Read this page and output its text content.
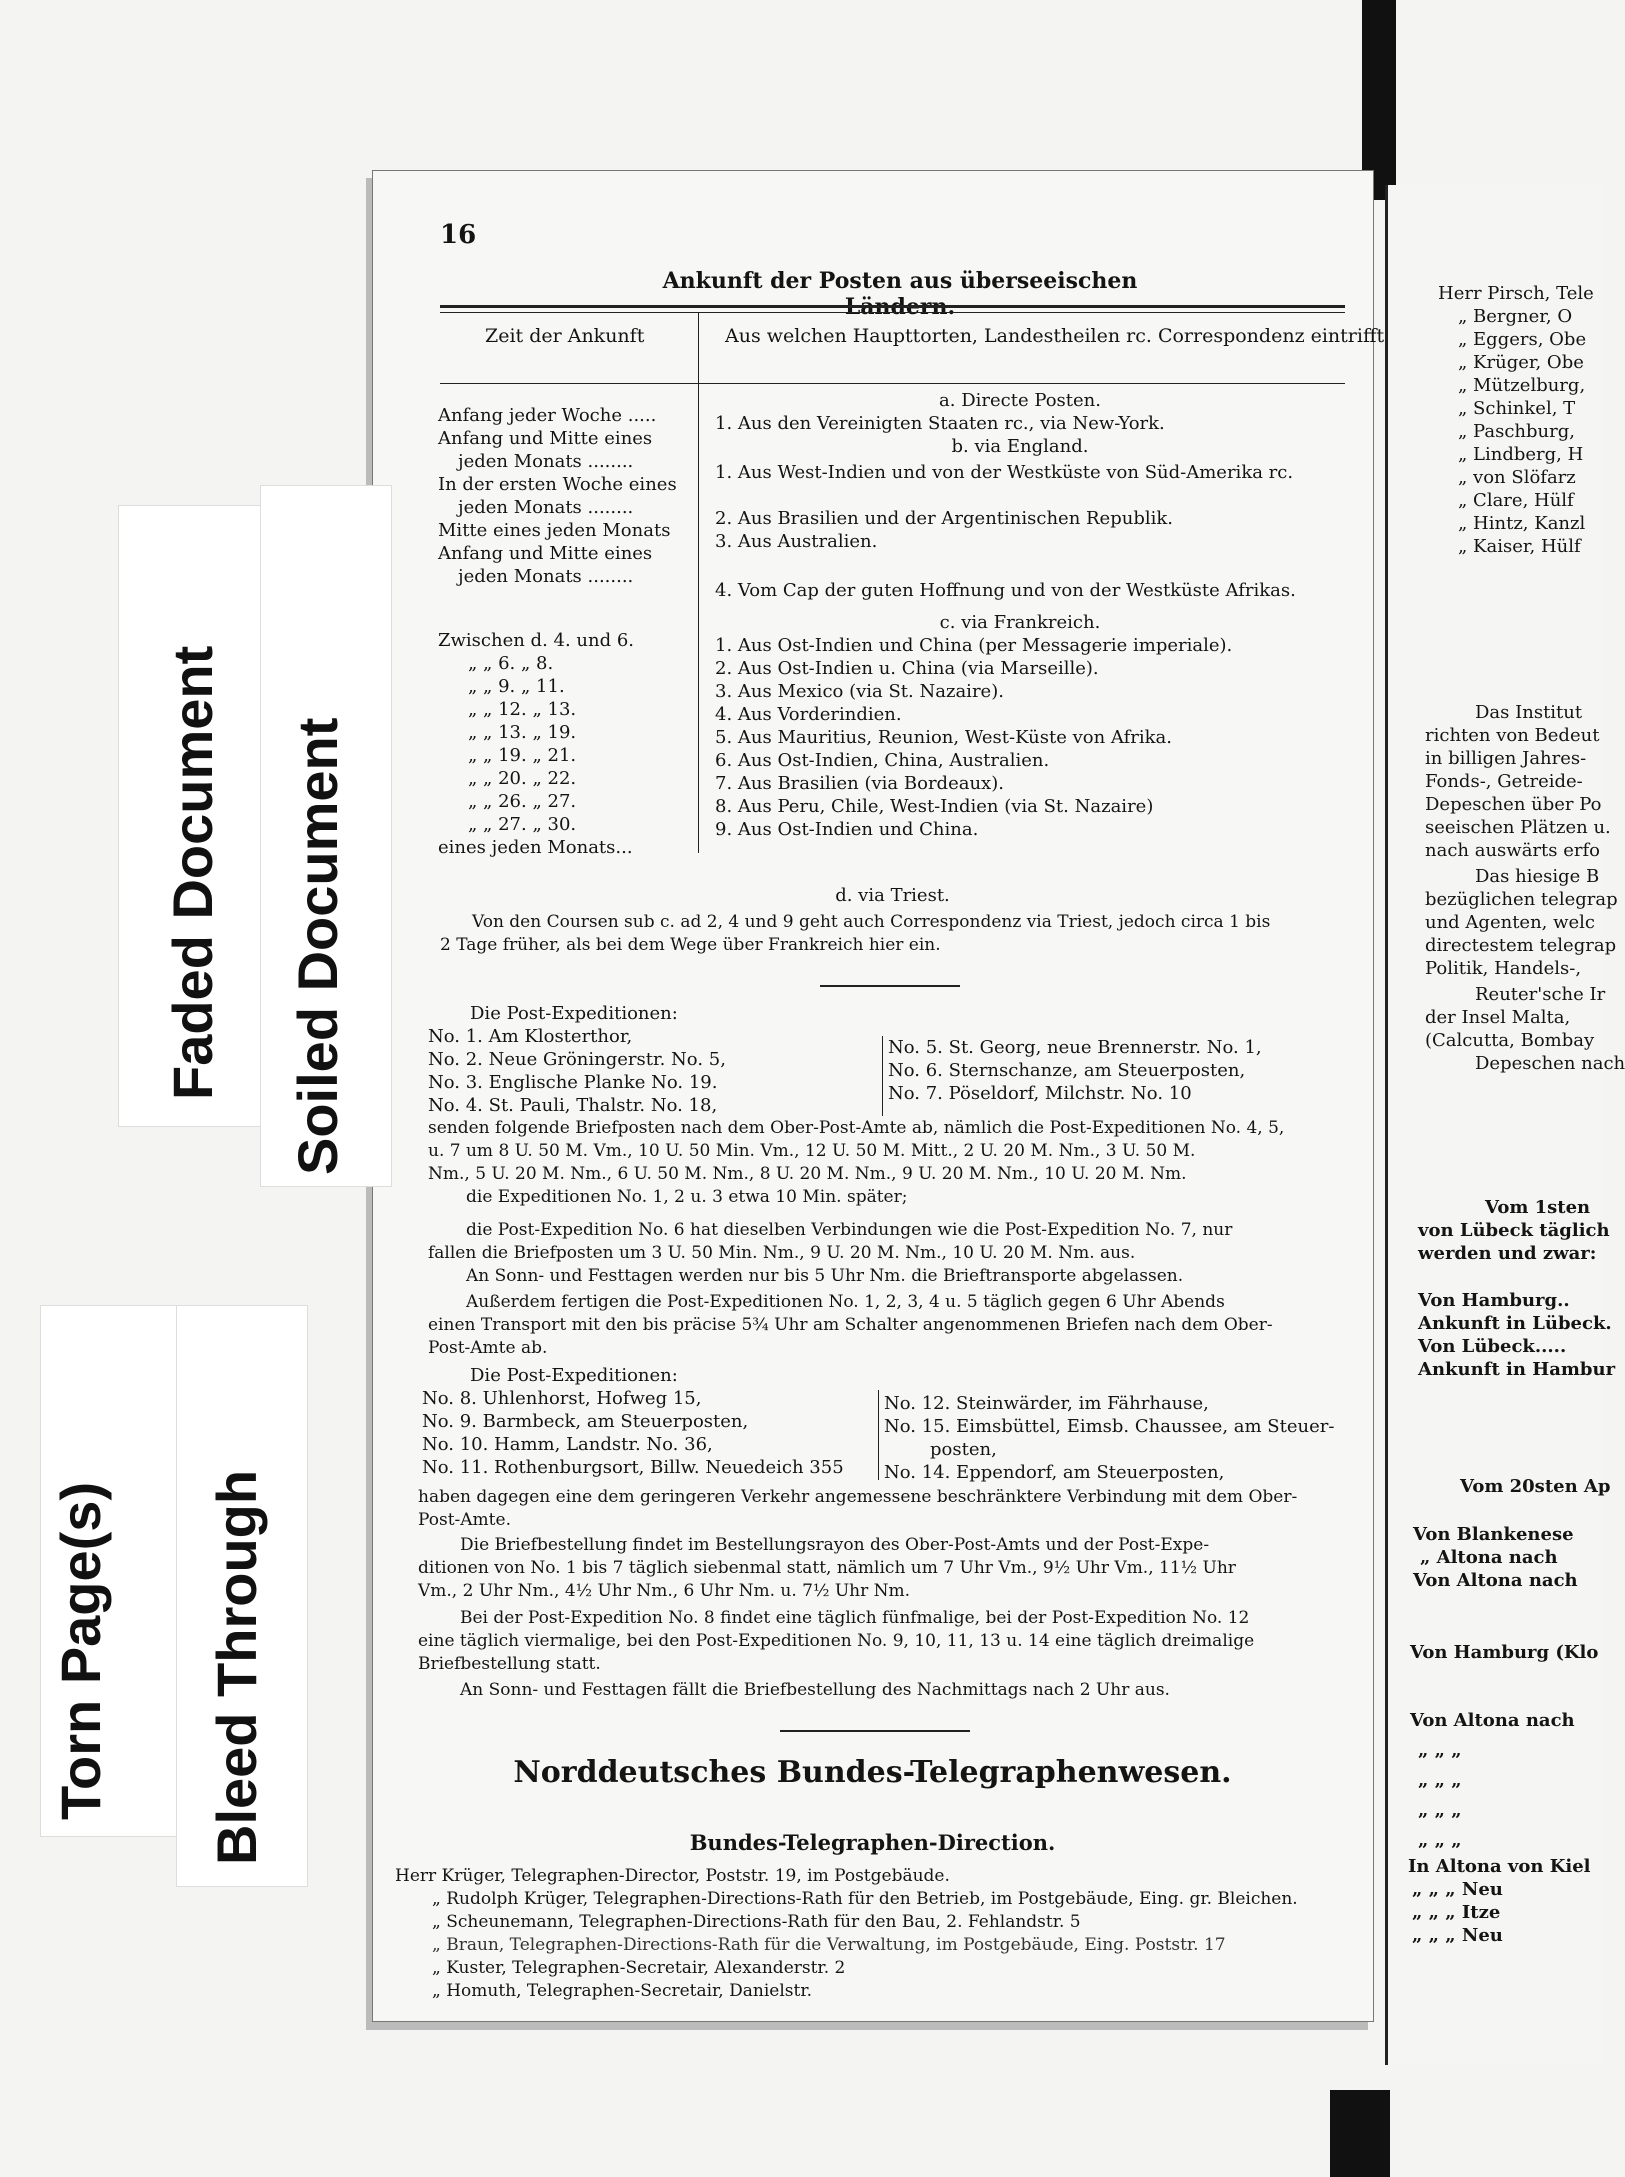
16
Ankunft der Posten aus überseeischen Ländern.
Zeit der Ankunft	Aus welchen Haupttorten, Landestheilen rc. Correspondenz eintrifft
Anfang jeder Woche .....
Anfang und Mitte eines
jeden Monats ........
In der ersten Woche eines
jeden Monats ........
Mitte eines jeden Monats
Anfang und Mitte eines
jeden Monats ........
Zwischen d. 4. und 6.
„ „ 6. „ 8.
„ „ 9. „ 11.
„ „ 12. „ 13.
„ „ 13. „ 19.
„ „ 19. „ 21.
„ „ 20. „ 22.
„ „ 26. „ 27.
„ „ 27. „ 30.
eines jeden Monats...
a. Directe Posten.
1. Aus den Vereinigten Staaten rc., via New-York.
b. via England.
1. Aus West-Indien und von der Westküste von Süd-Amerika rc.
2. Aus Brasilien und der Argentinischen Republik.
3. Aus Australien.
4. Vom Cap der guten Hoffnung und von der Westküste Afrikas.
c. via Frankreich.
1. Aus Ost-Indien und China (per Messagerie imperiale).
2. Aus Ost-Indien u. China (via Marseille).
3. Aus Mexico (via St. Nazaire).
4. Aus Vorderindien.
5. Aus Mauritius, Reunion, West-Küste von Afrika.
6. Aus Ost-Indien, China, Australien.
7. Aus Brasilien (via Bordeaux).
8. Aus Peru, Chile, West-Indien (via St. Nazaire)
9. Aus Ost-Indien und China.
d. via Triest.
Von den Coursen sub c. ad 2, 4 und 9 geht auch Correspondenz via Triest, jedoch circa 1 bis
2 Tage früher, als bei dem Wege über Frankreich hier ein.
Die Post-Expeditionen:
No. 1. Am Klosterthor,
No. 2. Neue Gröningerstr. No. 5,
No. 3. Englische Planke No. 19.
No. 4. St. Pauli, Thalstr. No. 18,
No. 5. St. Georg, neue Brennerstr. No. 1,
No. 6. Sternschanze, am Steuerposten,
No. 7. Pöseldorf, Milchstr. No. 10
senden folgende Briefposten nach dem Ober-Post-Amte ab, nämlich die Post-Expeditionen No. 4, 5,
u. 7 um 8 U. 50 M. Vm., 10 U. 50 Min. Vm., 12 U. 50 M. Mitt., 2 U. 20 M. Nm., 3 U. 50 M.
Nm., 5 U. 20 M. Nm., 6 U. 50 M. Nm., 8 U. 20 M. Nm., 9 U. 20 M. Nm., 10 U. 20 M. Nm.
die Expeditionen No. 1, 2 u. 3 etwa 10 Min. später;
die Post-Expedition No. 6 hat dieselben Verbindungen wie die Post-Expedition No. 7, nur
fallen die Briefposten um 3 U. 50 Min. Nm., 9 U. 20 M. Nm., 10 U. 20 M. Nm. aus.
An Sonn- und Festtagen werden nur bis 5 Uhr Nm. die Brieftransporte abgelassen.
Außerdem fertigen die Post-Expeditionen No. 1, 2, 3, 4 u. 5 täglich gegen 6 Uhr Abends
einen Transport mit den bis präcise 5¾ Uhr am Schalter angenommenen Briefen nach dem Ober-
Post-Amte ab.
Die Post-Expeditionen:
No. 8. Uhlenhorst, Hofweg 15,
No. 9. Barmbeck, am Steuerposten,
No. 10. Hamm, Landstr. No. 36,
No. 11. Rothenburgsort, Billw. Neuedeich 355
No. 12. Steinwärder, im Fährhause,
No. 15. Eimsbüttel, Eimsb. Chaussee, am Steuer-
posten,
No. 14. Eppendorf, am Steuerposten,
haben dagegen eine dem geringeren Verkehr angemessene beschränktere Verbindung mit dem Ober-
Post-Amte.
Die Briefbestellung findet im Bestellungsrayon des Ober-Post-Amts und der Post-Expe-
ditionen von No. 1 bis 7 täglich siebenmal statt, nämlich um 7 Uhr Vm., 9½ Uhr Vm., 11½ Uhr
Vm., 2 Uhr Nm., 4½ Uhr Nm., 6 Uhr Nm. u. 7½ Uhr Nm.
Bei der Post-Expedition No. 8 findet eine täglich fünfmalige, bei der Post-Expedition No. 12
eine täglich viermalige, bei den Post-Expeditionen No. 9, 10, 11, 13 u. 14 eine täglich dreimalige
Briefbestellung statt.
An Sonn- und Festtagen fällt die Briefbestellung des Nachmittags nach 2 Uhr aus.
Norddeutsches Bundes-Telegraphenwesen.
Bundes-Telegraphen-Direction.
Herr Krüger, Telegraphen-Director, Poststr. 19, im Postgebäude.
„ Rudolph Krüger, Telegraphen-Directions-Rath für den Betrieb, im Postgebäude, Eing. gr. Bleichen.
„ Scheunemann, Telegraphen-Directions-Rath für den Bau, 2. Fehlandstr. 5
„ Braun, Telegraphen-Directions-Rath für die Verwaltung, im Postgebäude, Eing. Poststr. 17
„ Kuster, Telegraphen-Secretair, Alexanderstr. 2
„ Homuth, Telegraphen-Secretair, Danielstr.
Herr Pirsch, Tele
„ Bergner, O
„ Eggers, Obe
„ Krüger, Obe
„ Mützelburg,
„ Schinkel, T
„ Paschburg,
„ Lindberg, H
„ von Slöfarz
„ Clare, Hülf
„ Hintz, Kanzl
„ Kaiser, Hülf
Das Institut
richten von Bedeut
in billigen Jahres-
Fonds-, Getreide-
Depeschen über Po
seeischen Plätzen u.
nach auswärts erfo
Das hiesige B
bezüglichen telegrap
und Agenten, welc
directestem telegrap
Politik, Handels-,
Reuter'sche Ir
der Insel Malta,
(Calcutta, Bombay
Depeschen nach
Vom 1sten
von Lübeck täglich
werden und zwar:
Von Hamburg..
Ankunft in Lübeck.
Von Lübeck.....
Ankunft in Hambur
Vom 20sten Ap
Von Blankenese
„ Altona nach
Von Altona nach
Von Hamburg (Klo
Von Altona nach
„ „ „
„ „ „
„ „ „
„ „ „
In Altona von Kiel
„ „ „ Neu
„ „ „ Itze
„ „ „ Neu
Faded Document Soiled Document
Torn Page(s) Bleed Through
